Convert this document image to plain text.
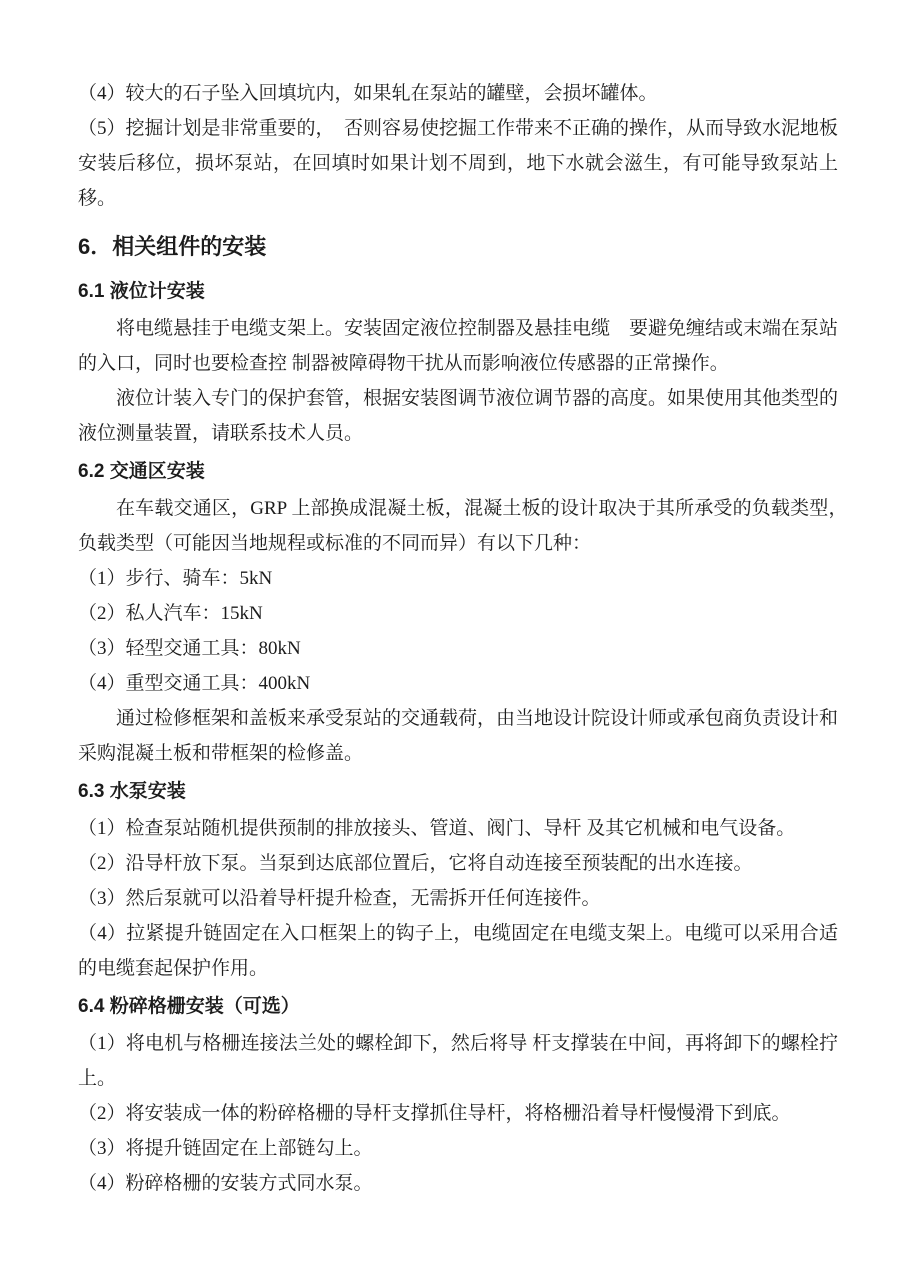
（4）较大的石子坠入回填坑内，如果轧在泵站的罐壁，会损坏罐体。

（5）挖掘计划是非常重要的，　否则容易使挖掘工作带来不正确的操作，从而导致水泥地板安装后移位，损坏泵站，在回填时如果计划不周到，地下水就会滋生，有可能导致泵站上移。

6．相关组件的安装
6.1 液位计安装

将电缆悬挂于电缆支架上。安装固定液位控制器及悬挂电缆　要避免缠结或末端在泵站的入口，同时也要检查控 制器被障碍物干扰从而影响液位传感器的正常操作。

液位计装入专门的保护套管，根据安装图调节液位调节器的高度。如果使用其他类型的液位测量装置，请联系技术人员。

6.2 交通区安装

在车载交通区，GRP 上部换成混凝土板，混凝土板的设计取决于其所承受的负载类型，　负载类型（可能因当地规程或标准的不同而异）有以下几种：

（1）步行、骑车：5kN

（2）私人汽车：15kN

（3）轻型交通工具：80kN

（4）重型交通工具：400kN

通过检修框架和盖板来承受泵站的交通载荷，由当地设计院设计师或承包商负责设计和采购混凝土板和带框架的检修盖。

6.3 水泵安装

（1）检查泵站随机提供预制的排放接头、管道、阀门、导杆 及其它机械和电气设备。

（2）沿导杆放下泵。当泵到达底部位置后，它将自动连接至预装配的出水连接。

（3）然后泵就可以沿着导杆提升检查，无需拆开任何连接件。

（4）拉紧提升链固定在入口框架上的钩子上，电缆固定在电缆支架上。电缆可以采用合适的电缆套起保护作用。

6.4 粉碎格栅安装（可选）

（1）将电机与格栅连接法兰处的螺栓卸下，然后将导 杆支撑装在中间，再将卸下的螺栓拧上。

（2）将安装成一体的粉碎格栅的导杆支撑抓住导杆，将格栅沿着导杆慢慢滑下到底。

（3）将提升链固定在上部链勾上。

（4）粉碎格栅的安装方式同水泵。
